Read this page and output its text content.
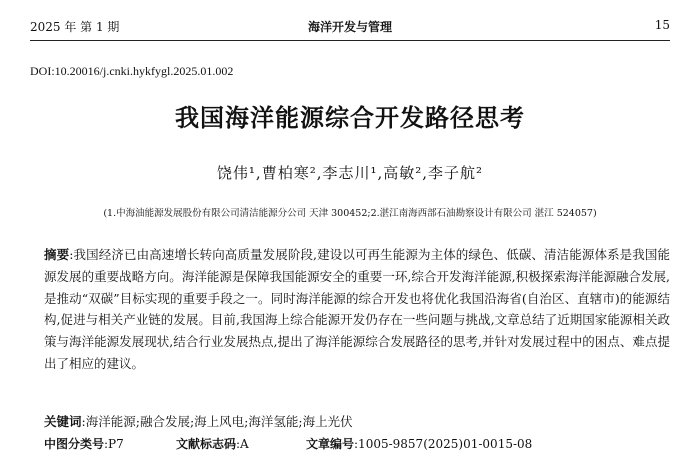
2025 年 第 1 期	海洋开发与管理	15
DOI:10.20016/j.cnki.hykfygl.2025.01.002
我国海洋能源综合开发路径思考
饶伟¹,曹柏寒²,李志川¹,高敏²,李子航²
(1.中海油能源发展股份有限公司清洁能源分公司 天津 300452;2.湛江南海西部石油勘察设计有限公司 湛江 524057)
摘要:我国经济已由高速增长转向高质量发展阶段,建设以可再生能源为主体的绿色、低碳、清洁能源体系是我国能源发展的重要战略方向。海洋能源是保障我国能源安全的重要一环,综合开发海洋能源,积极探索海洋能源融合发展,是推动“双碳”目标实现的重要手段之一。同时海洋能源的综合开发也将优化我国沿海省(自治区、直辖市)的能源结构,促进与相关产业链的发展。目前,我国海上综合能源开发仍存在一些问题与挑战,文章总结了近期国家能源相关政策与海洋能源发展现状,结合行业发展热点,提出了海洋能源综合发展路径的思考,并针对发展过程中的困点、难点提出了相应的建议。
关键词:海洋能源;融合发展;海上风电;海洋氢能;海上光伏
中图分类号:P7	文献标志码:A	文章编号:1005-9857(2025)01-0015-08
